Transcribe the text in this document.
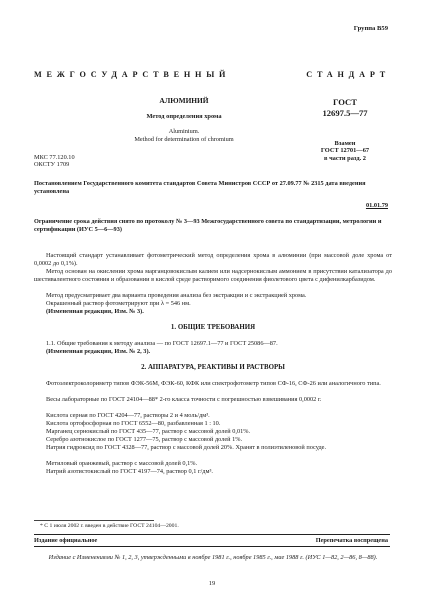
Группа В59
МЕЖГОСУДАРСТВЕННЫЙ	СТАНДАРТ
АЛЮМИНИЙ
Метод определения хрома
Aluminium.
Method for determination of chromium
ГОСТ
12697.5—77
Взамен
ГОСТ 12701—67
в части разд. 2
МКС 77.120.10
ОКСТУ 1709
Постановлением Государственного комитета стандартов Совета Министров СССР от 27.09.77 № 2315 дата введения установлена
01.01.79
Ограничение срока действия снято по протоколу № 3—93 Межгосударственного совета по стандартизации, метрологии и сертификации (ИУС 5—6—93)
Настоящий стандарт устанавливает фотометрический метод определения хрома в алюминии (при массовой доле хрома от 0,0002 до 0,1%).
Метод основан на окислении хрома марганцовокислым калием или надсернокислым аммонием в присутствии катализатора до шестивалентного состояния и образовании в кислой среде растворимого соединения фиолетового цвета с дифенилкарбазидом.
Метод предусматривает два варианта проведения анализа без экстракции и с экстракцией хрома.
Окрашенный раствор фотометрируют при λ = 546 нм.
(Измененная редакция, Изм. № 3).
1. ОБЩИЕ ТРЕБОВАНИЯ
1.1. Общие требования к методу анализа — по ГОСТ 12697.1—77 и ГОСТ 25086—87.
(Измененная редакция, Изм. № 2, 3).
2. АППАРАТУРА, РЕАКТИВЫ И РАСТВОРЫ
Фотоэлектроколориметр типов ФЭК-56М, ФЭК-60, КФК или спектрофотометр типов СФ-16, СФ-26 или аналогичного типа.
Весы лабораторные по ГОСТ 24104—88* 2-го класса точности с погрешностью взвешивания 0,0002 г.
Кислота серная по ГОСТ 4204—77, растворы 2 и 4 моль/дм³.
Кислота ортофосфорная по ГОСТ 6552—80, разбавленная 1 : 10.
Марганец сернокислый по ГОСТ 435—77, раствор с массовой долей 0,01%.
Серебро азотнокислое по ГОСТ 1277—75, раствор с массовой долей 1%.
Натрия гидроксид по ГОСТ 4328—77, раствор с массовой долей 20%. Хранят в полиэтиленовой посуде.
Метиловый оранжевый, раствор с массовой долей 0,1%.
Натрий азотистокислый по ГОСТ 4197—74, раствор 0,1 г/дм³.
* С 1 июля 2002 г. введен в действие ГОСТ 24104—2001.
Издание официальное	Перепечатка воспрещена
Издание с Изменениями № 1, 2, 3, утвержденными в ноябре 1981 г., ноябре 1985 г., мае 1988 г. (ИУС 1—82, 2—86, 8—88).
19
